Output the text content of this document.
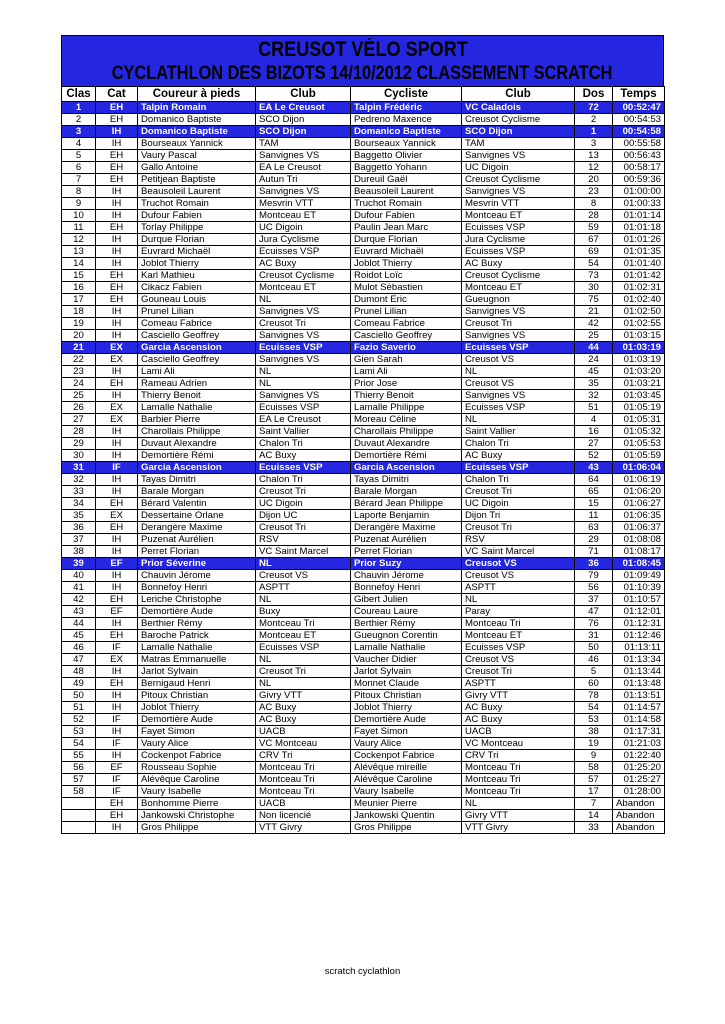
CREUSOT VÉLO SPORT
CYCLATHLON DES BIZOTS 14/10/2012 CLASSEMENT SCRATCH
Clas	Cat	Coureur à pieds	Club	Cycliste	Club	Dos	Temps
1	EH	Talpin Romain	EA Le Creusot	Talpin Frédéric	VC Caladois	72	00:52:47
2	EH	Domanico Baptiste	SCO Dijon	Pedreno Maxence	Creusot Cyclisme	2	00:54:53
3	IH	Domanico Baptiste	SCO Dijon	Domanico Baptiste	SCO Dijon	1	00:54:58
4	IH	Bourseaux Yannick	TAM	Bourseaux Yannick	TAM	3	00:55:58
5	EH	Vaury Pascal	Sanvignes VS	Baggetto Olivier	Sanvignes VS	13	00:56:43
6	EH	Gallo Antoine	EA Le Creusot	Baggetto Yohann	UC Digoin	12	00:58:17
7	EH	Petitjean Baptiste	Autun Tri	Dureuil Gaël	Creusot Cyclisme	20	00:59:36
8	IH	Beausoleil Laurent	Sanvignes VS	Beausoleil Laurent	Sanvignes VS	23	01:00:00
9	IH	Truchot Romain	Mesvrin VTT	Truchot Romain	Mesvrin VTT	8	01:00:33
10	IH	Dufour Fabien	Montceau ET	Dufour Fabien	Montceau ET	28	01:01:14
11	EH	Torlay Philippe	UC Digoin	Paulin Jean Marc	Ecuisses VSP	59	01:01:18
12	IH	Durque Florian	Jura Cyclisme	Durque Florian	Jura Cyclisme	67	01:01:26
13	IH	Euvrard Michaël	Ecuisses VSP	Euvrard Michaël	Ecuisses VSP	69	01:01:35
14	IH	Joblot Thierry	AC Buxy	Joblot Thierry	AC Buxy	54	01:01:40
15	EH	Karl Mathieu	Creusot Cyclisme	Roidot Loïc	Creusot Cyclisme	73	01:01:42
16	EH	Cikacz Fabien	Montceau ET	Mulot Sébastien	Montceau ET	30	01:02:31
17	EH	Gouneau Louis	NL	Dumont Eric	Gueugnon	75	01:02:40
18	IH	Prunel Lilian	Sanvignes VS	Prunel Lilian	Sanvignes VS	21	01:02:50
19	IH	Comeau Fabrice	Creusot Tri	Comeau Fabrice	Creusot Tri	42	01:02:55
20	IH	Casciello Geoffrey	Sanvignes VS	Casciello Geoffrey	Sanvignes VS	25	01:03:15
21	EX	Garcia Ascension	Ecuisses VSP	Fazio Saverio	Ecuisses VSP	44	01:03:19
22	EX	Casciello Geoffrey	Sanvignes VS	Gien Sarah	Creusot VS	24	01:03:19
23	IH	Lami Ali	NL	Lami Ali	NL	45	01:03:20
24	EH	Rameau Adrien	NL	Prior Jose	Creusot VS	35	01:03:21
25	IH	Thierry Benoit	Sanvignes VS	Thierry Benoit	Sanvignes VS	32	01:03:45
26	EX	Lamalle Nathalie	Ecuisses VSP	Lamalle Philippe	Ecuisses VSP	51	01:05:19
27	EX	Barbier Pierre	EA Le Creusot	Moreau Céline	NL	4	01:05:31
28	IH	Charollais Philippe	Saint Vallier	Charollais Philippe	Saint Vallier	16	01:05:32
29	IH	Duvaut Alexandre	Chalon Tri	Duvaut Alexandre	Chalon Tri	27	01:05:53
30	IH	Demortière Rémi	AC Buxy	Demortière Rémi	AC Buxy	52	01:05:59
31	IF	Garcia Ascension	Ecuisses VSP	Garcia Ascension	Ecuisses VSP	43	01:06:04
32	IH	Tayas Dimitri	Chalon Tri	Tayas Dimitri	Chalon Tri	64	01:06:19
33	IH	Barale Morgan	Creusot Tri	Barale Morgan	Creusot Tri	65	01:06:20
34	EH	Bérard Valentin	UC Digoin	Bérard Jean Philippe	UC Digoin	15	01:06:27
35	EX	Dessertaine Orlane	Dijon UC	Laporte Benjamin	Dijon Tri	11	01:06:35
36	EH	Derangère Maxime	Creusot Tri	Derangère Maxime	Creusot Tri	63	01:06:37
37	IH	Puzenat Aurélien	RSV	Puzenat Aurélien	RSV	29	01:08:08
38	IH	Perret Florian	VC Saint Marcel	Perret Florian	VC Saint Marcel	71	01:08:17
39	EF	Prior Séverine	NL	Prior Suzy	Creusot VS	36	01:08:45
40	IH	Chauvin Jérome	Creusot VS	Chauvin Jérome	Creusot VS	79	01:09:49
41	IH	Bonnefoy Henri	ASPTT	Bonnefoy Henri	ASPTT	56	01:10:39
42	EH	Leriche Christophe	NL	Gibert Julien	NL	37	01:10:57
43	EF	Demortière Aude	Buxy	Coureau Laure	Paray	47	01:12:01
44	IH	Berthier Rémy	Montceau Tri	Berthier Rémy	Montceau Tri	76	01:12:31
45	EH	Baroche Patrick	Montceau ET	Gueugnon Corentin	Montceau ET	31	01:12:46
46	IF	Lamalle Nathalie	Ecuisses VSP	Lamalle Nathalie	Ecuisses VSP	50	01:13:11
47	EX	Matras Emmanuelle	NL	Vaucher Didier	Creusot VS	46	01:13:34
48	IH	Jarlot Sylvain	Creusot Tri	Jarlot Sylvain	Creusot Tri	5	01:13:44
49	EH	Bernigaud Henri	NL	Monnet Claude	ASPTT	60	01:13:48
50	IH	Pitoux Christian	Givry VTT	Pitoux Christian	Givry VTT	78	01:13:51
51	IH	Joblot Thierry	AC Buxy	Joblot Thierry	AC Buxy	54	01:14:57
52	IF	Demortière Aude	AC Buxy	Demortière Aude	AC Buxy	53	01:14:58
53	IH	Fayet Simon	UACB	Fayet Simon	UACB	38	01:17:31
54	IF	Vaury Alice	VC Montceau	Vaury Alice	VC Montceau	19	01:21:03
55	IH	Cockenpot Fabrice	CRV Tri	Cockenpot Fabrice	CRV Tri	9	01:22:40
56	EF	Rousseau Sophie	Montceau Tri	Alévêque mireille	Montceau Tri	58	01:25:20
57	IF	Alévêque Caroline	Montceau Tri	Alévêque Caroline	Montceau Tri	57	01:25:27
58	IF	Vaury Isabelle	Montceau Tri	Vaury Isabelle	Montceau Tri	17	01:28:00
	EH	Bonhomme Pierre	UACB	Meunier Pierre	NL	7	Abandon
	EH	Jankowski Christophe	Non licencié	Jankowski Quentin	Givry VTT	14	Abandon
	IH	Gros Philippe	VTT Givry	Gros Philippe	VTT Givry	33	Abandon
scratch cyclathlon
